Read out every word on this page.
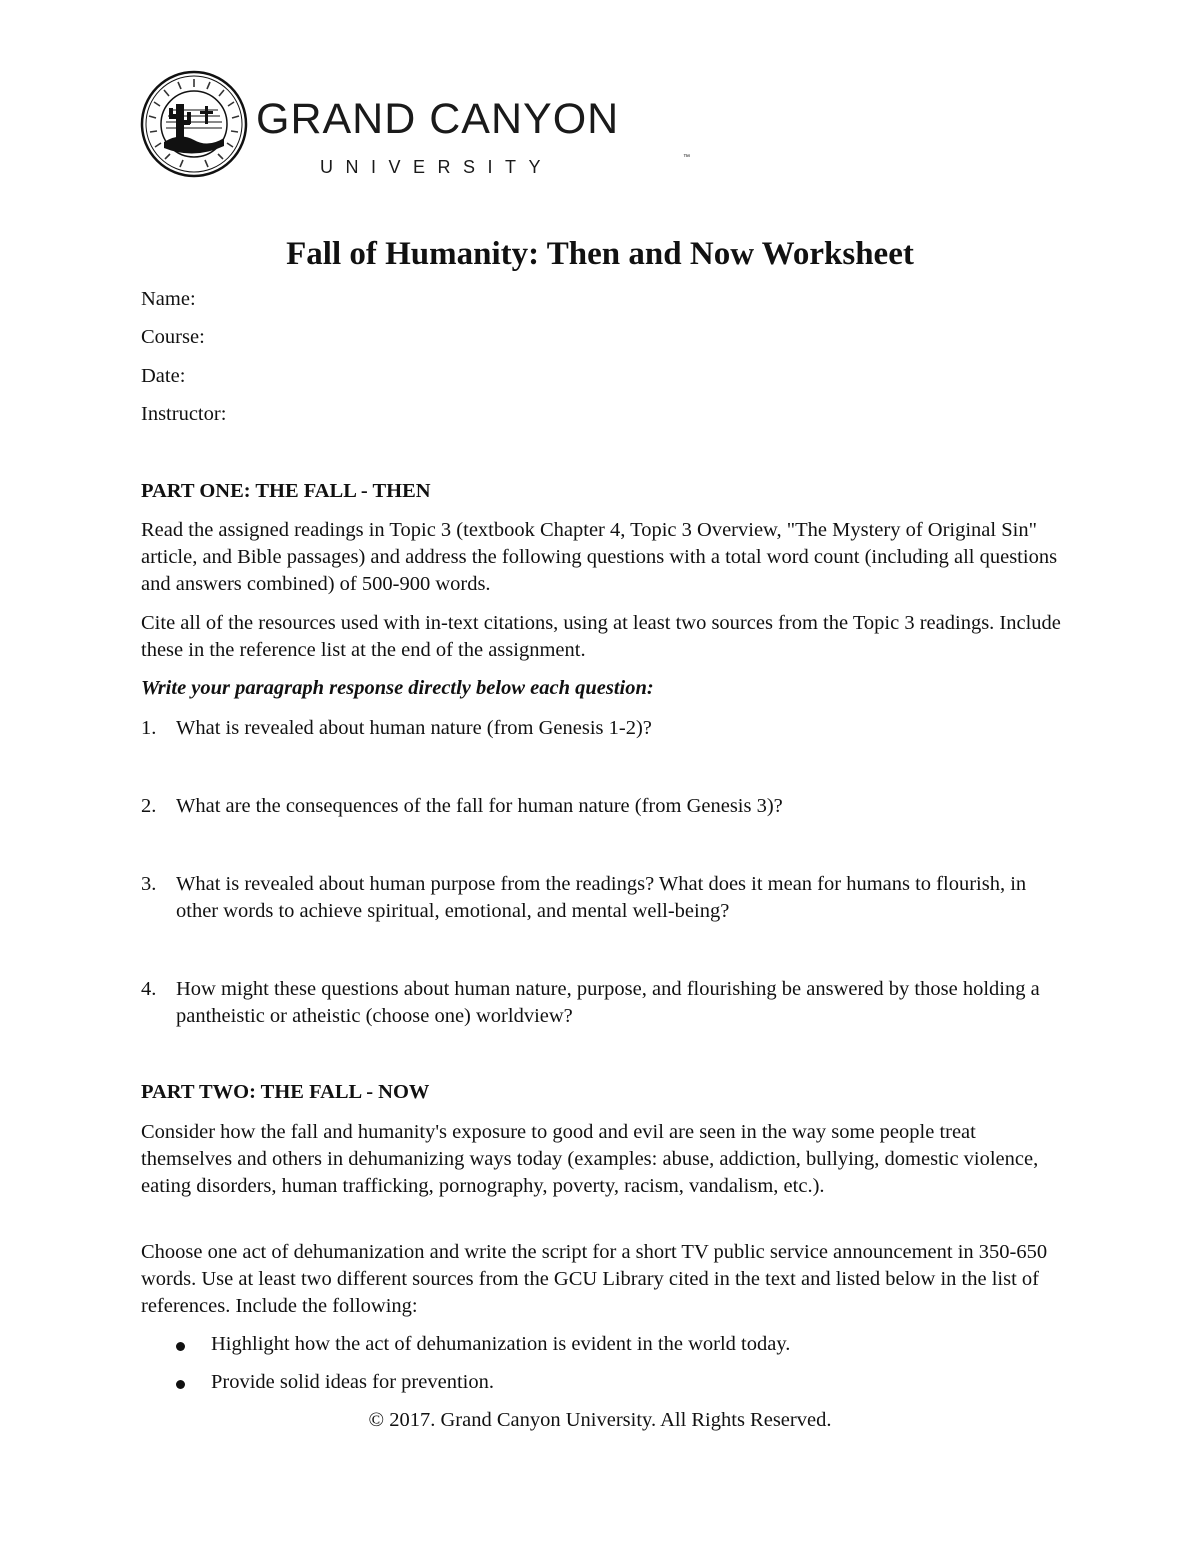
GRAND CANYON
UNIVERSITY	™
Fall of Humanity: Then and Now Worksheet
Name:
Course:
Date:
Instructor:
PART ONE: THE FALL - THEN
Read the assigned readings in Topic 3 (textbook Chapter 4, Topic 3 Overview, "The Mystery of Original Sin" article, and Bible passages) and address the following questions with a total word count (including all questions and answers combined) of 500-900 words.
Cite all of the resources used with in-text citations, using at least two sources from the Topic 3 readings. Include these in the reference list at the end of the assignment.
Write your paragraph response directly below each question:
1. What is revealed about human nature (from Genesis 1-2)?
2. What are the consequences of the fall for human nature (from Genesis 3)?
3. What is revealed about human purpose from the readings? What does it mean for humans to flourish, in other words to achieve spiritual, emotional, and mental well-being?
4. How might these questions about human nature, purpose, and flourishing be answered by those holding a pantheistic or atheistic (choose one) worldview?
PART TWO: THE FALL - NOW
Consider how the fall and humanity's exposure to good and evil are seen in the way some people treat themselves and others in dehumanizing ways today (examples: abuse, addiction, bullying, domestic violence, eating disorders, human trafficking, pornography, poverty, racism, vandalism, etc.).
Choose one act of dehumanization and write the script for a short TV public service announcement in 350-650 words. Use at least two different sources from the GCU Library cited in the text and listed below in the list of references. Include the following:
Highlight how the act of dehumanization is evident in the world today.
Provide solid ideas for prevention.
© 2017. Grand Canyon University. All Rights Reserved.
